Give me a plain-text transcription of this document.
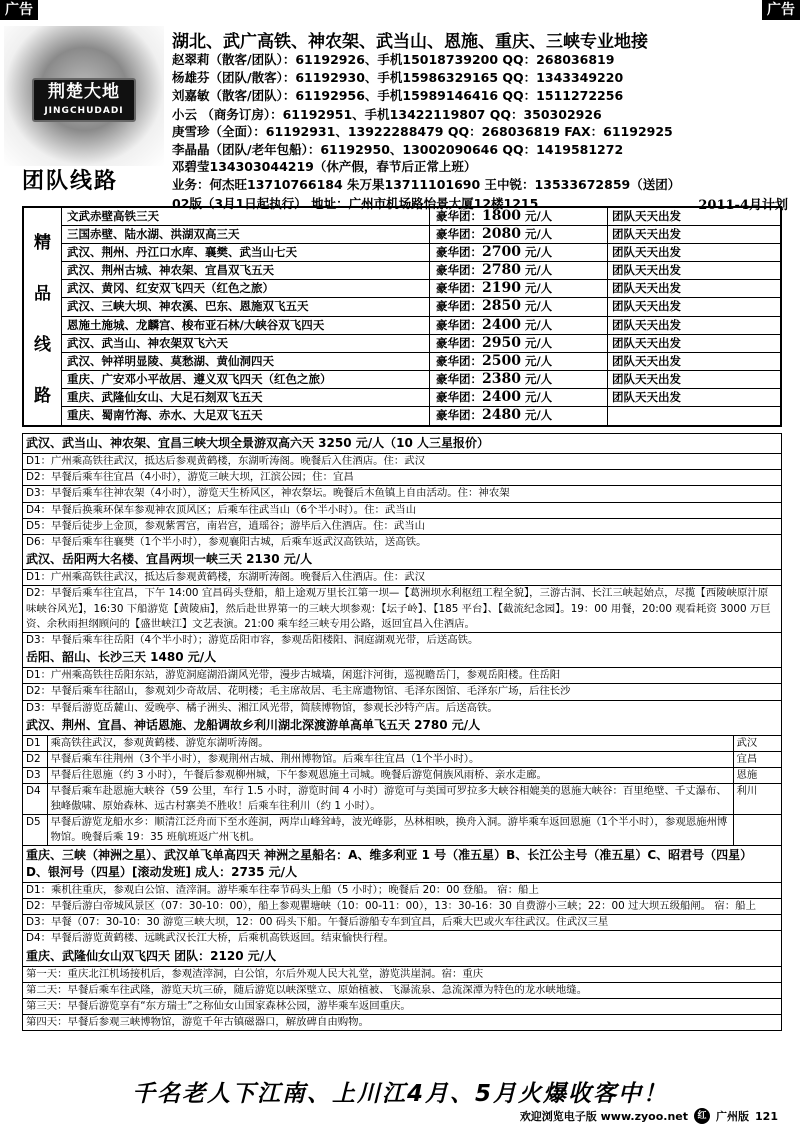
广告	广告
荆楚大地
JINGCHUDADI
团队线路
湖北、武广高铁、神农架、武当山、恩施、重庆、三峡专业地接
赵翠莉（散客/团队）：61192926、手机15018739200 QQ：268036819
杨雄芬（团队/散客）：61192930、手机15986329165 QQ：1343349220
刘嘉敏（散客/团队）：61192956、手机15989146416 QQ：1511272256
小云 （商务订房）：61192951、手机13422119807 QQ：350302926
庚雪珍（全面）：61192931、13922288479 QQ：268036819 FAX：61192925
李晶晶（团队/老年包船）：61192950、13002090646 QQ：1419581272
邓碧莹13430304421​9（休产假，春节后正常上班）
业务：何杰旺13710766184 朱万果13711101690 王中锐：13533672859（送团）
02版（3月1日起执行） 地址：广州市机场路怡景大厦12楼1215	2011-4月计划
精
品
线
路
文武赤壁高铁三天	豪华团：1800 元/人	团队天天出发
三国赤壁、陆水湖、洪湖双高三天	豪华团：2080 元/人	团队天天出发
武汉、荆州、丹江口水库、襄樊、武当山七天	豪华团：2700 元/人	团队天天出发
武汉、荆州古城、神农架、宜昌双飞五天	豪华团：2780 元/人	团队天天出发
武汉、黄冈、红安双飞四天（红色之旅）	豪华团：2190 元/人	团队天天出发
武汉、三峡大坝、神农溪、巴东、恩施双飞五天	豪华团：2850 元/人	团队天天出发
恩施土施城、龙麟宫、梭布亚石林/大峡谷双飞四天	豪华团：2400 元/人	团队天天出发
武汉、武当山、神农架双飞六天	豪华团：2950 元/人	团队天天出发
武汉、钟祥明显陵、莫愁湖、黄仙洞四天	豪华团：2500 元/人	团队天天出发
重庆、广安邓小平故居、遵义双飞四天（红色之旅）	豪华团：2380 元/人	团队天天出发
重庆、武隆仙女山、大足石刻双飞五天	豪华团：2400 元/人	团队天天出发
重庆、蜀南竹海、赤水、大足双飞五天	豪华团：2480 元/人
武汉、武当山、神农架、宜昌三峡大坝全景游双高六天 3250 元/人（10 人三星报价）
D1：广州乘高铁往武汉，抵达后参观黄鹤楼，东湖听涛阁。晚餐后入住酒店。住：武汉
D2：早餐后乘车往宜昌（4小时），游览三峡大坝，江滨公园；住：宜昌
D3：早餐后乘车往神农架（4小时），游览天生桥风区，神农祭坛。晚餐后木鱼镇上自由活动。住：神农架
D4：早餐后换乘环保车参观神农顶风区；后乘车往武当山（6个半小时）。住：武当山
D5：早餐后徒步上金顶，参观紫霄宫，南岩宫，逍瑶谷；游毕后入住酒店。住：武当山
D6：早餐后乘车往襄樊（1个半小时），参观襄阳古城，后乘车返武汉高铁站，送高铁。
武汉、岳阳两大名楼、宜昌两坝一峡三天 2130 元/人
D1：广州乘高铁往武汉，抵达后参观黄鹤楼，东湖听涛阁。晚餐后入住酒店。住：武汉
D2：早餐后乘车往宜昌，下午 14:00 宜昌码头登船，船上途观万里长江第一坝—【葛洲坝水利枢纽工程全貌】，三游古洞、长江三峡起始点，尽揽【西陵峡原汁原味峡谷风光】，16:30 下船游览【黄陵庙】，然后赴世界第一的三峡大坝参观：【坛子岭】、【185 平台】、【截流纪念园】。19：00 用餐，20:00 观看耗资 3000 万巨资、余秋雨担纲顾问的【盛世峡江】文艺表演。21:00 乘车经三峡专用公路，返回宜昌入住酒店。
D3：早餐后乘车往岳阳（4个半小时）；游览岳阳市容，参观岳阳楼阳、洞庭湖观光带，后送高铁。
岳阳、韶山、长沙三天 1480 元/人
D1：广州乘高铁往岳阳东站，游览洞庭湖沿湖风光带，漫步古城墙，闲逛汴河街，巡视瞻岳门，参观岳阳楼。住岳阳
D2：早餐后乘车往韶山，参观刘少奇故居、花明楼；毛主席故居、毛主席遗物馆、毛泽东图馆、毛泽东广场，后往长沙
D3：早餐后游览岳麓山、爱晚亭、橘子洲头、湘江风光带，简牍博物馆，参观长沙特产店。后送高铁。
武汉、荆州、宜昌、神话恩施、龙船调故乡利川湖北深渡游单高单飞五天 2780 元/人
D1	乘高铁往武汉，参观黄鹤楼、游览东湖听涛阁。	武汉
D2	早餐后乘车往荆州（3个半小时），参观荆州古城、荆州博物馆。后乘车往宜昌（1个半小时）。	宜昌
D3	早餐后往恩施（约 3 小时），午餐后参观柳州城，下午参观恩施土司城。晚餐后游览侗族风雨桥、亲水走廊。	恩施
D4	早餐后乘车赴恩施大峡谷（59 公里，车行 1.5 小时，游览时间 4 小时）游览可与美国可罗拉多大峡谷相媲美的恩施大峡谷：百里绝壁、千丈瀑布、独峰傲啸、原始森林、远古村寨美不胜收！后乘车往利川（约 1 小时）。	利川
D5	早餐后游览龙船水乡：顺清江泛舟而下至水莲洞，两岸山峰耸峙，波光峰影，丛林相映，换舟入洞。游毕乘车返回恩施（1个半小时），参观恩施州博物馆。晚餐后乘 19：35 班航班返广州飞机。	
重庆、三峡（神洲之星）、武汉单飞单高四天 神洲之星船名：A、维多利亚 1 号（准五星）B、长江公主号（准五星）C、昭君号（四星） D、银河号（四星）[滚动发班] 成人：2735 元/人
D1：乘机往重庆，参观白公馆、渣滓洞。游毕乘车往奉节码头上船（5 小时）；晚餐后 20：00 登船。 宿：船上
D2：早餐后游白帝城风景区（07：30-10：00），船上参观瞿塘峡（10：00-11：00），13：30-16：30 自费游小三峡；22：00 过大坝五级船闸。 宿：船上
D3：早餐（07：30-10：30 游览三峡大坝，12：00 码头下船。午餐后游船专车到宜昌，后乘大巴或火车往武汉。住武汉三星
D4：早餐后游览黄鹤楼、远眺武汉长江大桥，后乘机高铁返回。结束愉快行程。
重庆、武隆仙女山双飞四天 团队：2120 元/人
第一天：重庆北江机场接机后，参观渣滓洞，白公馆，尔后外观人民大礼堂，游览洪崖洞。宿：重庆
第二天：早餐后乘车往武隆，游览天坑三硚，随后游览以峡深壁立、原始植被、飞瀑流泉、急流深潭为特色的龙水峡地缝。
第三天：早餐后游览享有“东方瑞士”之称仙女山国家森林公园，游毕乘车返回重庆。
第四天：早餐后参观三峡博物馆，游览千年古镇磁器口，解放碑自由购物。
千名老人下江南、上川江4月、5月火爆收客中！
欢迎浏览电子版 www.zyoo.net	红 广州版 121
